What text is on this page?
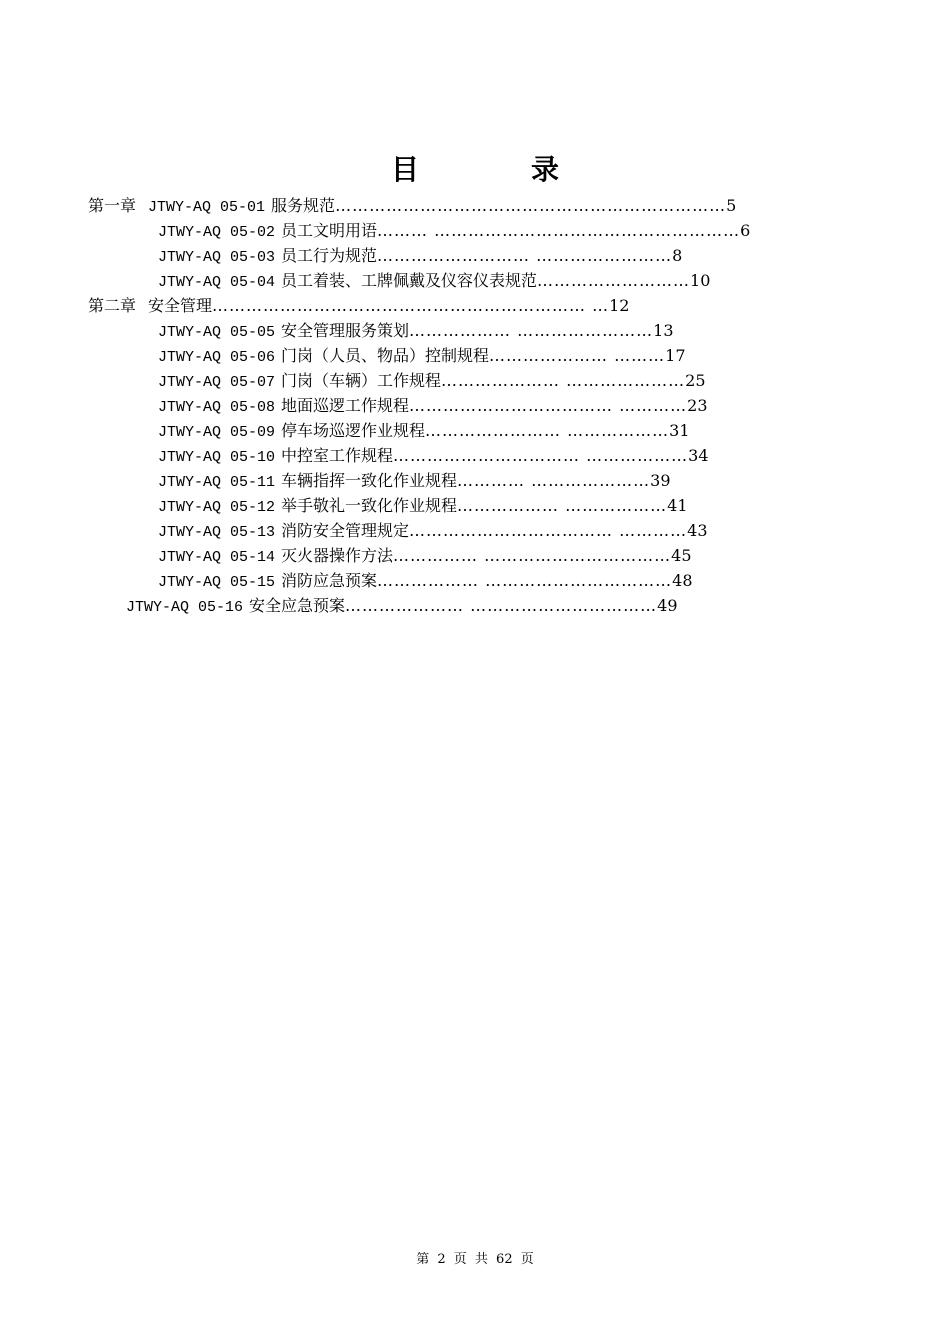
目　录
第一章 JTWY-AQ 05-01 服务规范……………………………………………………………5
JTWY-AQ 05-02 员工文明用语……… ………………………………………………6
JTWY-AQ 05-03 员工行为规范……………………… ……………………8
JTWY-AQ 05-04 员工着装、工牌佩戴及仪容仪表规范………………………10
第二章 安全管理………………………………………………………… …12
JTWY-AQ 05-05 安全管理服务策划……………… ……………………13
JTWY-AQ 05-06 门岗（人员、物品）控制规程………………… ………17
JTWY-AQ 05-07 门岗（车辆）工作规程………………… …………………25
JTWY-AQ 05-08 地面巡逻工作规程……………………………… …………23
JTWY-AQ 05-09 停车场巡逻作业规程…………………… ………………31
JTWY-AQ 05-10 中控室工作规程…………………………… ………………34
JTWY-AQ 05-11 车辆指挥一致化作业规程………… …………………39
JTWY-AQ 05-12 举手敬礼一致化作业规程……………… ………………41
JTWY-AQ 05-13 消防安全管理规定……………………………… …………43
JTWY-AQ 05-14 灭火器操作方法…………… ……………………………45
JTWY-AQ 05-15 消防应急预案……………… ……………………………48
JTWY-AQ 05-16 安全应急预案………………… ……………………………49
第 2 页 共 62 页
